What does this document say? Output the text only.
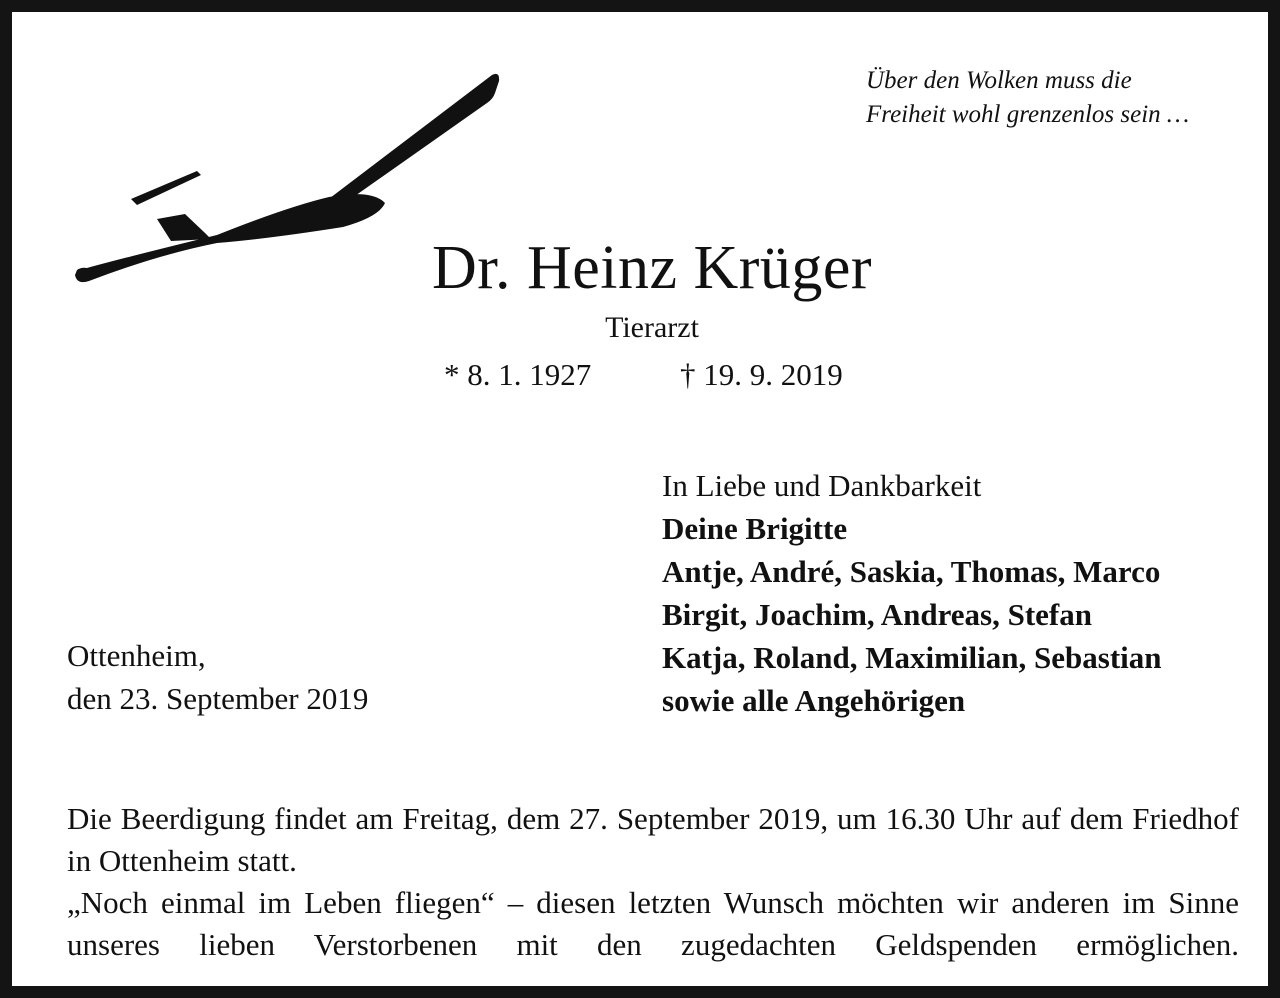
Über den Wolken muss die
Freiheit wohl grenzenlos sein …
Dr. Heinz Krüger
Tierarzt
* 8. 1. 1927	† 19. 9. 2019
In Liebe und Dankbarkeit
Deine Brigitte
Antje, André, Saskia, Thomas, Marco
Birgit, Joachim, Andreas, Stefan
Katja, Roland, Maximilian, Sebastian
sowie alle Angehörigen
Ottenheim,
den 23. September 2019

Die Beerdigung findet am Freitag, dem 27. September 2019, um 16.30 Uhr auf dem Friedhof in Ottenheim statt.

„Noch einmal im Leben fliegen“ – diesen letzten Wunsch möchten wir anderen im Sinne unseres lieben Verstorbenen mit den zugedachten Geldspenden ermöglichen.
